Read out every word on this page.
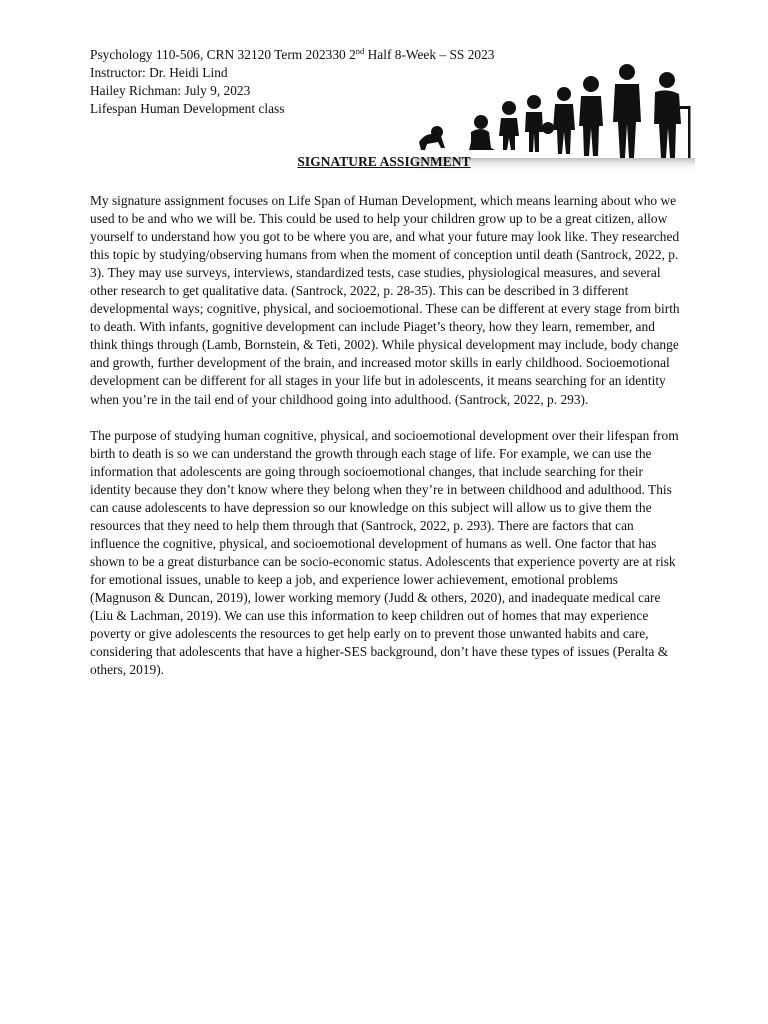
Psychology 110-506, CRN 32120 Term 202330 2nd Half 8-Week – SS 2023
Instructor: Dr. Heidi Lind
Hailey Richman: July 9, 2023
Lifespan Human Development class
SIGNATURE ASSIGNMENT

My signature assignment focuses on Life Span of Human Development, which means learning about who we used to be and who we will be. This could be used to help your children grow up to be a great citizen, allow yourself to understand how you got to be where you are, and what your future may look like. They researched this topic by studying/observing humans from when the moment of conception until death (Santrock, 2022, p. 3). They may use surveys, interviews, standardized tests, case studies, physiological measures, and several other research to get qualitative data. (Santrock, 2022, p. 28-35). This can be described in 3 different developmental ways; cognitive, physical, and socioemotional. These can be different at every stage from birth to death. With infants, gognitive development can include Piaget’s theory, how they learn, remember, and think things through (Lamb, Bornstein, & Teti, 2002). While physical development may include, body change and growth, further development of the brain, and increased motor skills in early childhood. Socioemotional development can be different for all stages in your life but in adolescents, it means searching for an identity when you’re in the tail end of your childhood going into adulthood. (Santrock, 2022, p. 293).

The purpose of studying human cognitive, physical, and socioemotional development over their lifespan from birth to death is so we can understand the growth through each stage of life. For example, we can use the information that adolescents are going through socioemotional changes, that include searching for their identity because they don’t know where they belong when they’re in between childhood and adulthood. This can cause adolescents to have depression so our knowledge on this subject will allow us to give them the resources that they need to help them through that (Santrock, 2022, p. 293). There are factors that can influence the cognitive, physical, and socioemotional development of humans as well. One factor that has shown to be a great disturbance can be socio-economic status. Adolescents that experience poverty are at risk for emotional issues, unable to keep a job, and experience lower achievement, emotional problems (Magnuson & Duncan, 2019), lower working memory (Judd & others, 2020), and inadequate medical care (Liu & Lachman, 2019). We can use this information to keep children out of homes that may experience poverty or give adolescents the resources to get help early on to prevent those unwanted habits and care, considering that adolescents that have a higher-SES background, don’t have these types of issues (Peralta & others, 2019).
